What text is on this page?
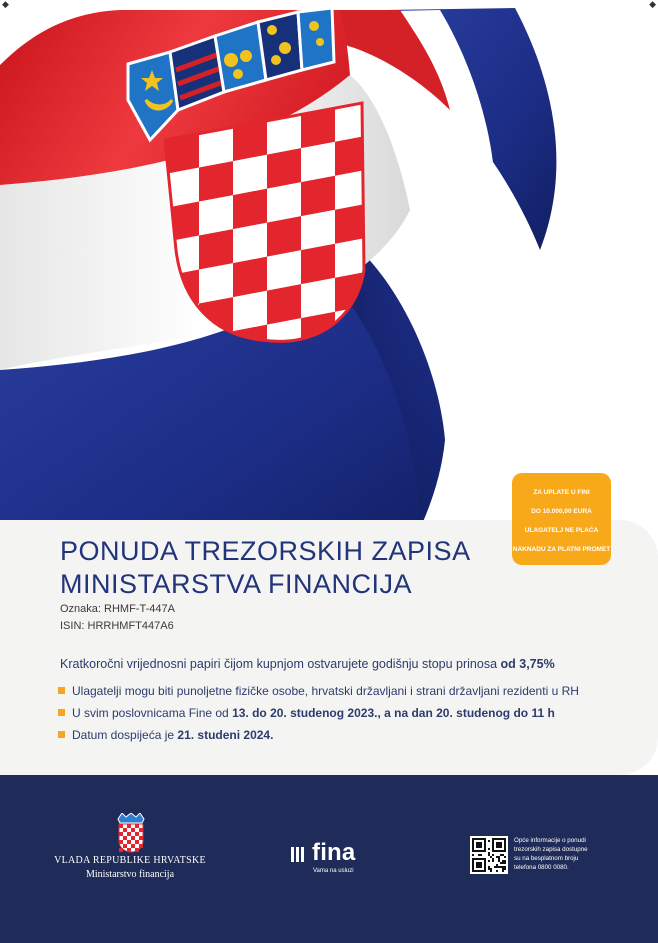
◆	◆
PONUDA TREZORSKIH ZAPISA
MINISTARSTVA FINANCIJA
Oznaka: RHMF-T-447A
ISIN: HRRHMFT447A6
Kratkoročni vrijednosni papiri čijom kupnjom ostvarujete godišnju stopu prinosa od 3,75%
Ulagatelji mogu biti punoljetne fizičke osobe, hrvatski državljani i strani državljani rezidenti u RH
U svim poslovnicama Fine od 13. do 20. studenog 2023., a na dan 20. studenog do 11 h
Datum dospijeća je 21. studeni 2024.
ZA UPLATE U FINI
DO 10.000,00 EURA
ULAGATELJ NE PLAĆA
NAKNADU ZA PLATNI PROMET
VLADA REPUBLIKE HRVATSKE
Ministarstvo financija
fina
Vama na usluzi
Opće informacije o ponudi
trezorskih zapisa dostupne
su na besplatnom broju
telefona 0800 0080.
